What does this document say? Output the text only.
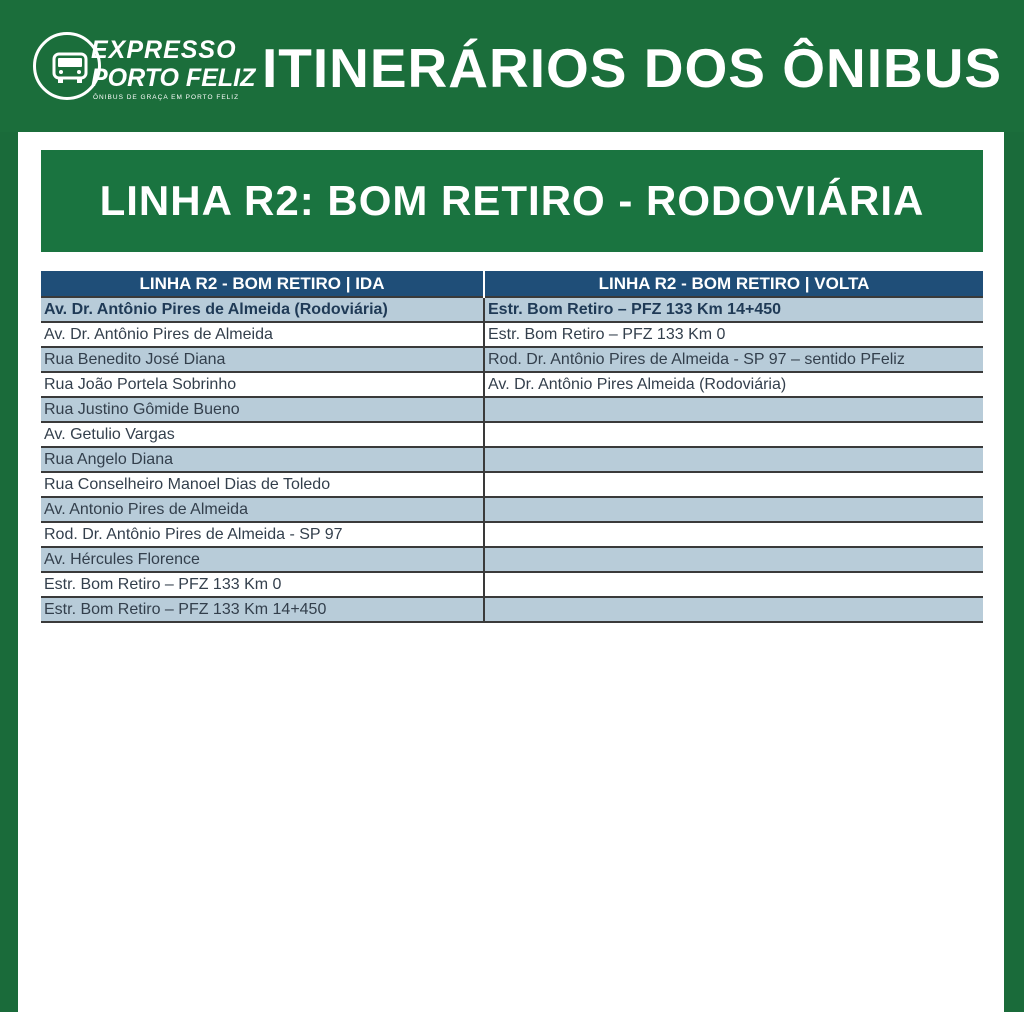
EXPRESSO
PORTO FELIZ
ÔNIBUS DE GRAÇA EM PORTO FELIZ ITINERÁRIOS DOS ÔNIBUS
LINHA R2: BOM RETIRO - RODOVIÁRIA
LINHA R2 - BOM RETIRO | IDA	LINHA R2 - BOM RETIRO | VOLTA
Av. Dr. Antônio Pires de Almeida (Rodoviária)	Estr. Bom Retiro – PFZ 133 Km 14+450
Av. Dr. Antônio Pires de Almeida	Estr. Bom Retiro – PFZ 133 Km 0
Rua Benedito José Diana	Rod. Dr. Antônio Pires de Almeida - SP 97 – sentido PFeliz
Rua João Portela Sobrinho	Av. Dr. Antônio Pires Almeida (Rodoviária)
Rua Justino Gômide Bueno	
Av. Getulio Vargas	
Rua Angelo Diana	
Rua Conselheiro Manoel Dias de Toledo	
Av. Antonio Pires de Almeida	
Rod. Dr. Antônio Pires de Almeida - SP 97	
Av. Hércules Florence	
Estr. Bom Retiro – PFZ 133 Km 0	
Estr. Bom Retiro – PFZ 133 Km 14+450	
